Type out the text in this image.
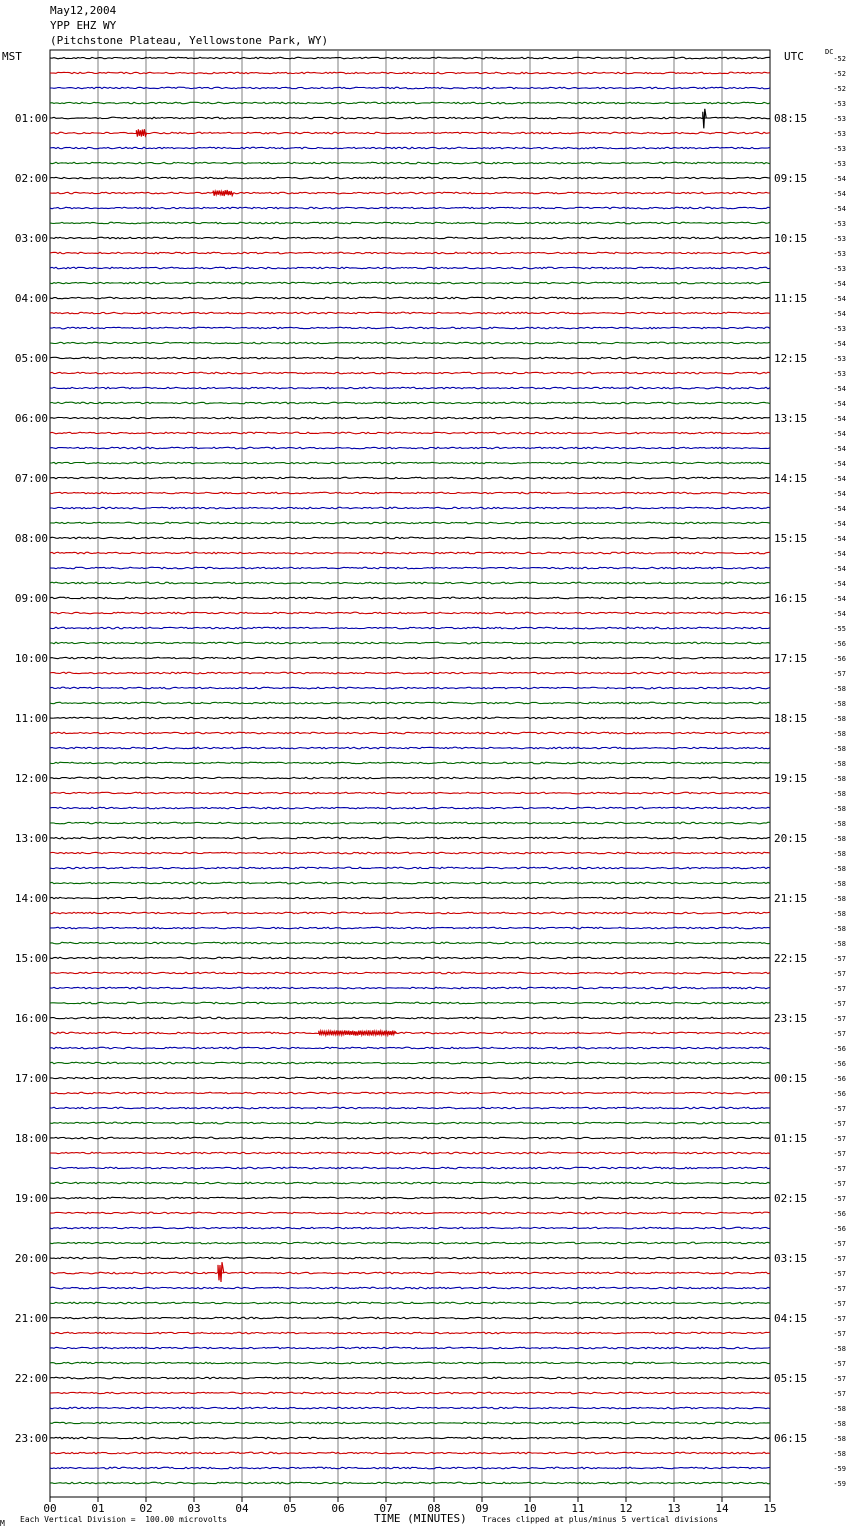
May12,2004
YPP EHZ WY
(Pitchstone Plateau, Yellowstone Park, WY)
MST	UTC	DC
00	01	02	03	04	05	06	07	08	09	10	11	12	13	14	15
-52
-52
-52
-53
-53
-53
-53
-53
-54
-54
-54
-53
-53
-53
-53
-54
-54
-54
-53
-54
-53
-53
-54
-54
-54
-54
-54
-54
-54
-54
-54
-54
-54
-54
-54
-54
-54
-54
-55
-56
-56
-57
-58
-58
-58
-58
-58
-58
-58
-58
-58
-58
-58
-58
-58
-58
-58
-58
-58
-58
-57
-57
-57
-57
-57
-57
-56
-56
-56
-56
-57
-57
-57
-57
-57
-57
-57
-56
-56
-57
-57
-57
-57
-57
-57
-57
-58
-57
-57
-57
-58
-58
-58
-58
-59
-59
01:00
02:00
03:00
04:00
05:00
06:00
07:00
08:00
09:00
10:00
11:00
12:00
13:00
14:00
15:00
16:00
17:00
18:00
19:00
20:00
21:00
22:00
23:00
08:15
09:15
10:15
11:15
12:15
13:15
14:15
15:15
16:15
17:15
18:15
19:15
20:15
21:15
22:15
23:15
00:15
01:15
02:15
03:15
04:15
05:15
06:15
M Each Vertical Division =  100.00 microvolts	TIME (MINUTES) Traces clipped at plus/minus 5 vertical divisions
